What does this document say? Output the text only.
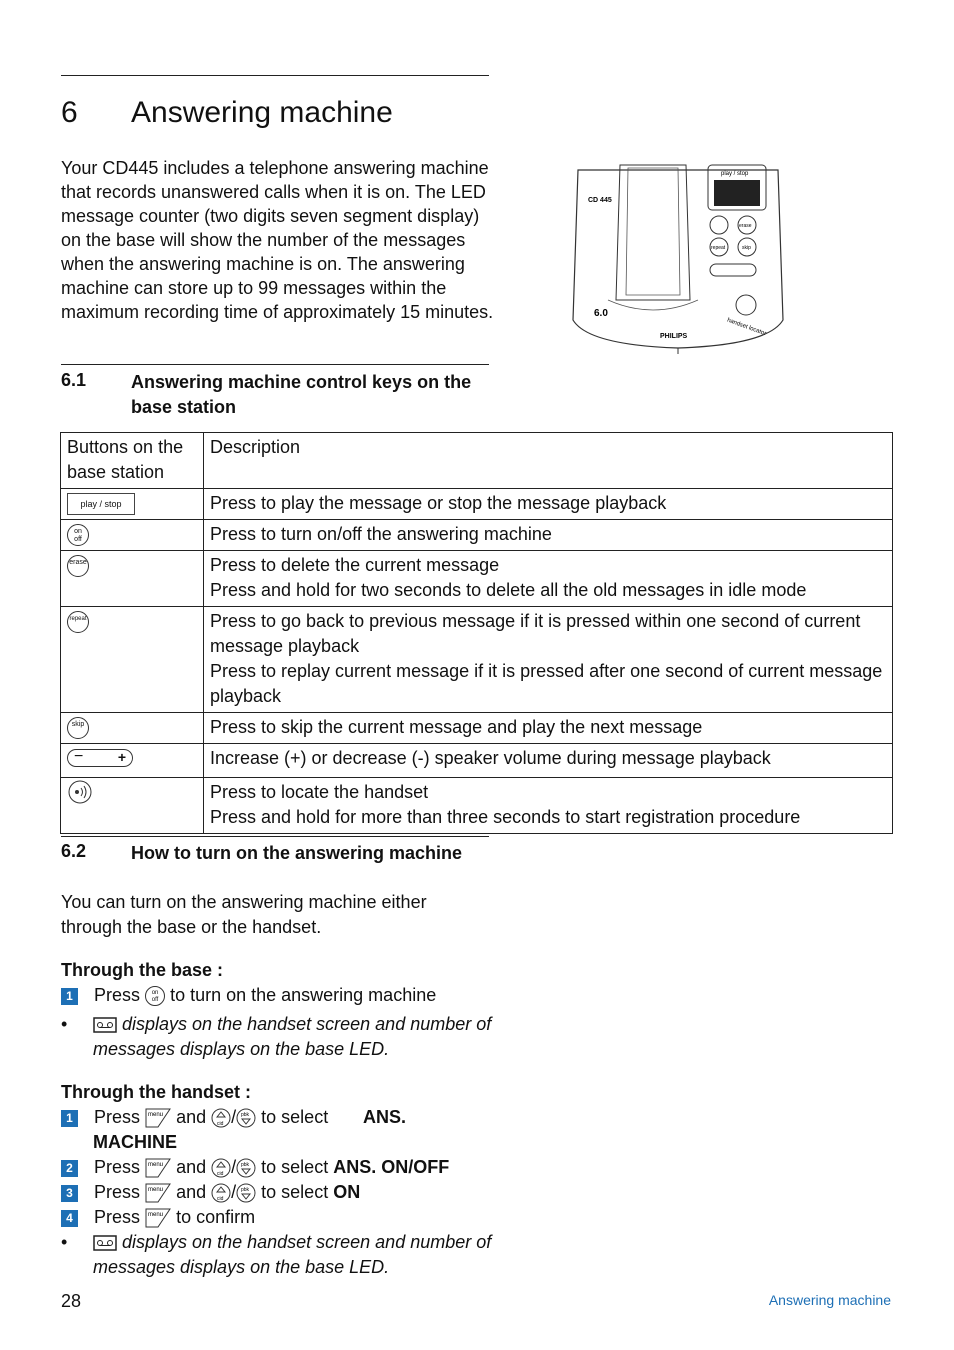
6 Answering machine
Your CD445 includes a telephone answering machine that records unanswered calls when it is on. The LED message counter (two digits seven segment display) on the base will show the number of the messages when the answering machine is on. The answering machine can store up to 99 messages within the maximum recording time of approximately 15 minutes.
play / stop
erase
repeat	skip
handset locator
CD 445
6.0
PHILIPS
6.1 Answering machine control keys on the base station
Buttons on the base station	Description
play / stop	Press to play the message or stop the message playback
on
off	Press to turn on/off the answering machine
erase	Press to delete the current message
Press and hold for two seconds to delete all the old messages in idle mode
repeat	Press to go back to previous message if it is pressed within one second of current message playback
Press to replay current message if it is pressed after one second of current message playback
skip	Press to skip the current message and play the next message

− +	Increase (+) or decrease (-) speaker volume during message playback
	Press to locate the handset
Press and hold for more than three seconds to start registration procedure
6.2 How to turn on the answering machine
You can turn on the answering machine either through the base or the handset.
Through the base :
1 Press on
off to turn on the answering machine
•	displays on the handset screen and number of messages displays on the base LED.
Through the handset :
1 Press menu and cid / pbk to select	ANS. MACHINE
2 Press menu and cid / pbk to select ANS. ON/OFF
3 Press menu and cid / pbk to select ON
4 Press menu to confirm
•	displays on the handset screen and number of messages displays on the base LED.
28	Answering machine
